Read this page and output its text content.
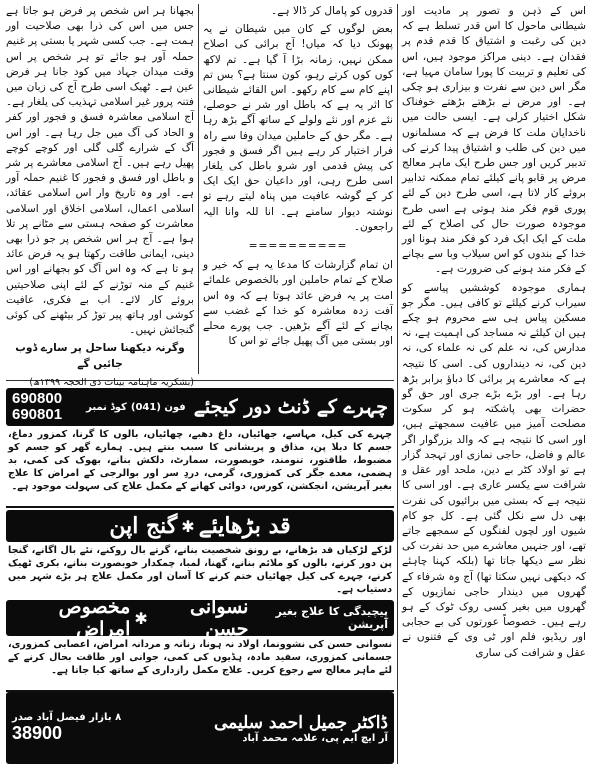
اس کے ذہن و تصور پر مادیت اور شیطانی ماحول کا اس قدر تسلط ہے کہ دین کی رغبت و اشتیاق کا قدم قدم پر فقدان ہے۔ دینی مراکز موجود ہیں، اس کی تعلیم و تربیت کا پورا سامان مہیا ہے، مگر اس دین سے نفرت و بیزاری ہو چکی ہے۔ اور مرض نے بڑھتے بڑھتے خوفناک شکل اختیار کرلی ہے۔ ایسی حالت میں ناخدایان ملت کا فرض ہے کہ مسلمانوں میں دین کی طلب و اشتیاق پیدا کرنے کی تدبیر کریں اور جس طرح ایک ماہر معالج مرض پر قابو پانے کیلئے تمام ممکنہ تدابیر بروئے کار لاتا ہے، اسی طرح دین کے لئے پوری قوم فکر مند ہوتی ہے اسی طرح موجودہ صورت حال کی اصلاح کے لئے ملت کے ایک ایک فرد کو فکر مند ہونا اور خدا کے بندوں کو اس سیلاب وبا سے بچانے کے فکر مند ہونے کی ضرورت ہے۔

ہماری موجودہ کوششیں پیاسے کو سیراب کرنے کیلئے تو کافی ہیں۔ مگر جو مسکین پیاس ہی سے محروم ہو چکے ہیں ان کیلئے نہ مساجد کی اہمیت ہے، نہ مدارس کی، نہ علم کی نہ علماء کی، نہ دین کی، نہ دینداروں کی۔ اسی کا نتیجہ ہے کہ معاشرے پر برائی کا دباؤ برابر بڑھ رہا ہے۔ اور بڑے بڑے جری اور حق گو حضرات بھی پاشکتہ ہو کر سکوت مصلحت آمیز میں عافیت سمجھتے ہیں، اور اسی کا نتیجہ ہے کہ والد بزرگوار اگر عالم و فاضل، حاجی نمازی اور تہجد گزار ہے تو اولاد کٹر بے دین، ملحد اور عقل و شرافت سے یکسر عاری ہے۔ اور اسی کا نتیجہ ہے کہ بستی میں برائیوں کی نفرت بھی دل سے نکل گئی ہے۔ کل جو کام شیوں اور لچوں لفنگوں کے سمجھے جاتے تھے، اور جنہیں معاشرے میں حد نفرت کی نظر سے دیکھا جاتا تھا (بلکہ کہنا چاہئے کہ دیکھی نہیں سکتا تھا) آج وہ شرفاء کے گھروں میں دیندار حاجی نمازیوں کے گھروں میں بغیر کسی روک ٹوک کے ہو رہے ہیں۔ خصوصاً عورتوں کی بے حجابی اور ریڈیو، فلم اور ٹی وی کے فتنوں نے عقل و شرافت کی ساری

قدروں کو پامال کر ڈالا ہے۔

بعض لوگوں کے کان میں شیطان نے یہ پھونک دیا کہ میاں! آج برائی کی اصلاح ممکن نہیں، زمانہ بڑا آ گیا ہے۔ تم لاکھ کوں کوں کرتے رہو، کون سنتا ہے؟ بس تم اپنے کام سے کام رکھو۔ اس القائے شیطانی کا اثر یہ ہے کہ باطل اور شر نے حوصلے، نئے عزم اور نئے ولولے کے ساتھ آگے بڑھ رہا ہے۔ مگر حق کے حاملین میدان وفا سے راہ فرار اختیار کر رہے ہیں اگر فسق و فجور کی پیش قدمی اور شرو باطل کی یلغار اسی طرح رہی، اور داعیان حق ایک ایک کر کے گوشہ عافیت میں پناہ لیتے رہے تو نوشتہ دیوار سامنے ہے۔ انا للہ وانا الیہ راجعون۔

==========

ان تمام گزارشات کا مدعا یہ ہے کہ خیر و صلاح کے تمام حاملین اور بالخصوص علمائے امت پر یہ فرض عائد ہوتا ہے کہ وہ اس آفت زدہ معاشرہ کو خدا کے غضب سے بچانے کے لئے آگے بڑھیں۔ جب پورے محلے اور بستی میں آگ پھیل جائے تو اس کا

بجھانا ہر اس شخص پر فرض ہو جاتا ہے جس میں اس کی ذرا بھی صلاحیت اور ہمت ہے۔ جب کسی شہر یا بستی پر غنیم حملہ آور ہو جائے تو ہر شخص پر اس وقت میدان جہاد میں کود جانا ہر فرض عین ہے۔ ٹھیک اسی طرح آج کی زبان میں فتنہ پرور غیر اسلامی تہذیب کی یلغار ہے۔ آج اسلامی معاشرہ فسق و فجور اور کفر و الحاد کی آگ میں جل رہا ہے۔ اور اس آگ کے شرارے گلی گلی اور کوچے کوچے پھیل رہے ہیں۔ آج اسلامی معاشرے پر شر و باطل اور فسق و فجور کا غنیم حملہ آور ہے۔ اور وہ تاریخ وار اس اسلامی عقائد، اسلامی اعمال، اسلامی اخلاق اور اسلامی معاشرت کو صفحہ ہستی سے مٹانے پر تلا ہوا ہے۔ آج ہر اس شخص پر جو ذرا بھی دینی، ایمانی طاقت رکھتا ہو یہ فرض عائد ہو تا ہے کہ وہ اس آگ کو بجھانے اور اس غنیم کے منہ توڑنے کے لئے اپنی صلاحیتیں بروئے کار لائے۔ اب بے فکری، عافیت کوشی اور ہاتھ پیر توڑ کر بیٹھنے کی کوئی گنجائش نہیں۔

وگرنہ دیکھنا ساحل پر سارے ڈوب جائیں گے

(بشکریہ ماہنامہ بینات ذی الحجہ ۱۳۹۹ھ)

690800
690801	چہرے کے ڈنٹ دور کیجئے
فون (041)
کوڈ نمبر
چہرے کی کیل، مہاسے، جھائیاں، داغ دھبے، چھائیاں، بالوں کا گرنا، کمزور دماغ، جسم کا دبلا پن، مذاق و پریشانی کا سبب بنتے ہیں۔ ہمارے گھر کو جسم کو مضبوط، طاقتور، تنومند، خوبصورت، سمارٹ، دلکش بنانے، بھوک کی کمی، بد ہضمی، معدے جگر کی کمزوری، گرمی، دردِ سر اور بوالرجی کے امراض کا علاج بغیر آپریشن، انجکشن، کورس، دوائی کھانے کے مکمل علاج کی سہولت موجود ہے۔
گنج اپن ✱ قد بڑھایئے
لڑکے لڑکیاں قد بڑھانے، بے رونق شخصیت بنانے، گرتے بال روکنے، نئے بال اگانے، گنجا پن دور کرنے، بالوں کو ملائم بنانے، گھنا، لمبا، چمکدار خوبصورت بنانے، بکری ٹھیک کرنے، چہرے کی کیل چھائیاں ختم کرنے کا آسان اور مکمل علاج ہر بڑے شہر میں دستیاب ہے۔
مخصوص امراض ✱	نسوانی حسن
پیچیدگی کا علاج بغیر آپریشن
نسوانی حسن کی نشوونما، اولاد نہ ہونا، زنانہ و مردانہ امراض، اعصابی کمزوری، جسمانی کمزوری، سفید مادہ، ہڈیوں کی کمی، جوانی اور طاقت بحال کرنے کے لئے ماہر معالج سے رجوع کریں۔ علاج مکمل رازداری کے ساتھ کیا جاتا ہے۔
۸ بازار فیصل آباد صدر
38900
ڈاکٹر جمیل احمد سلیمی
آر ایچ ایم پی، علامہ محمد آباد
